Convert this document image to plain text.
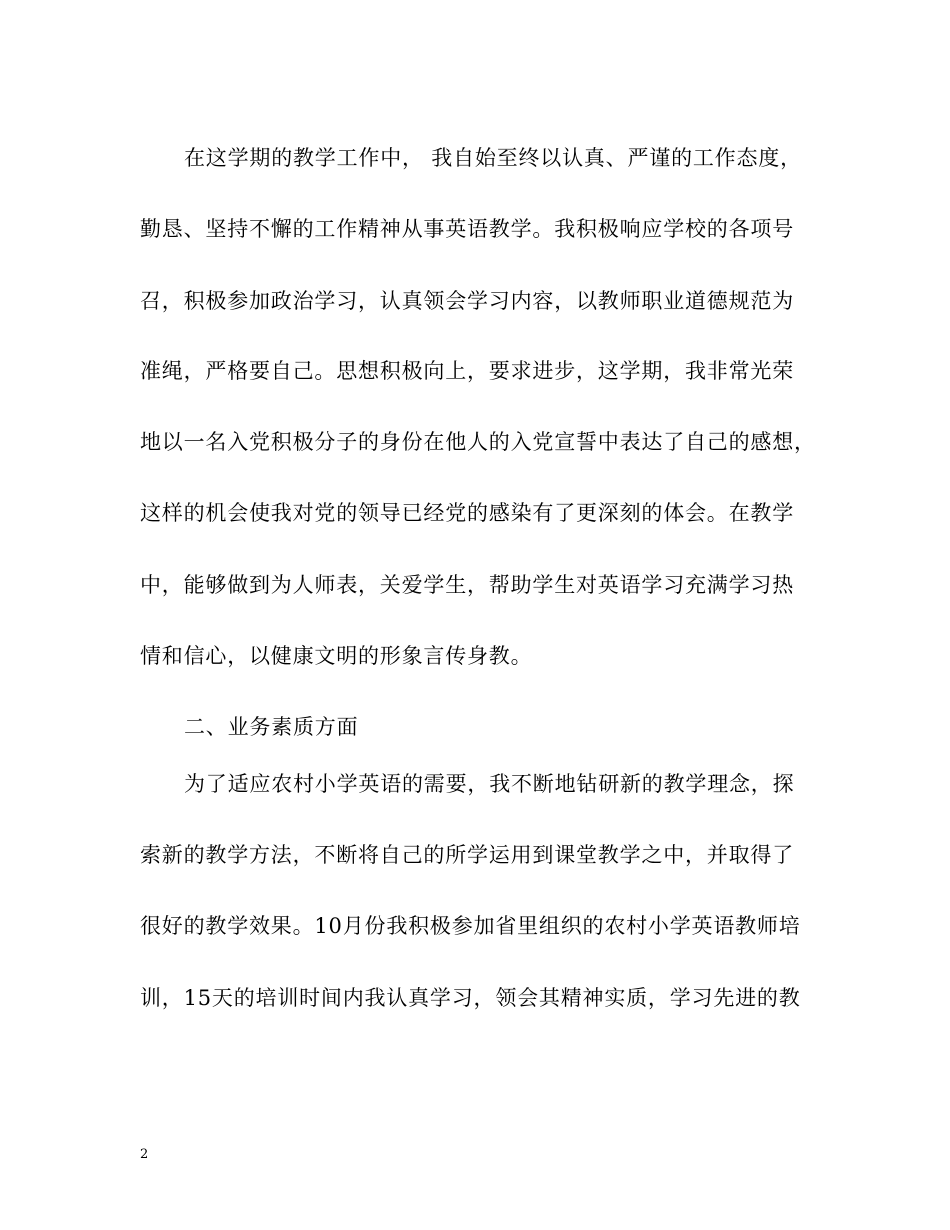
在这学期的教学工作中， 我自始至终以认真、严谨的工作态度，
勤恳、坚持不懈的工作精神从事英语教学。我积极响应学校的各项号
召，积极参加政治学习，认真领会学习内容，以教师职业道德规范为
准绳，严格要自己。思想积极向上，要求进步，这学期，我非常光荣
地以一名入党积极分子的身份在他人的入党宣誓中表达了自己的感想，
这样的机会使我对党的领导已经党的感染有了更深刻的体会。在教学
中，能够做到为人师表，关爱学生，帮助学生对英语学习充满学习热
情和信心，以健康文明的形象言传身教。
二、业务素质方面
为了适应农村小学英语的需要，我不断地钻研新的教学理念，探
索新的教学方法，不断将自己的所学运用到课堂教学之中，并取得了
很好的教学效果。10月份我积极参加省里组织的农村小学英语教师培
训，15天的培训时间内我认真学习，领会其精神实质，学习先进的教
2
